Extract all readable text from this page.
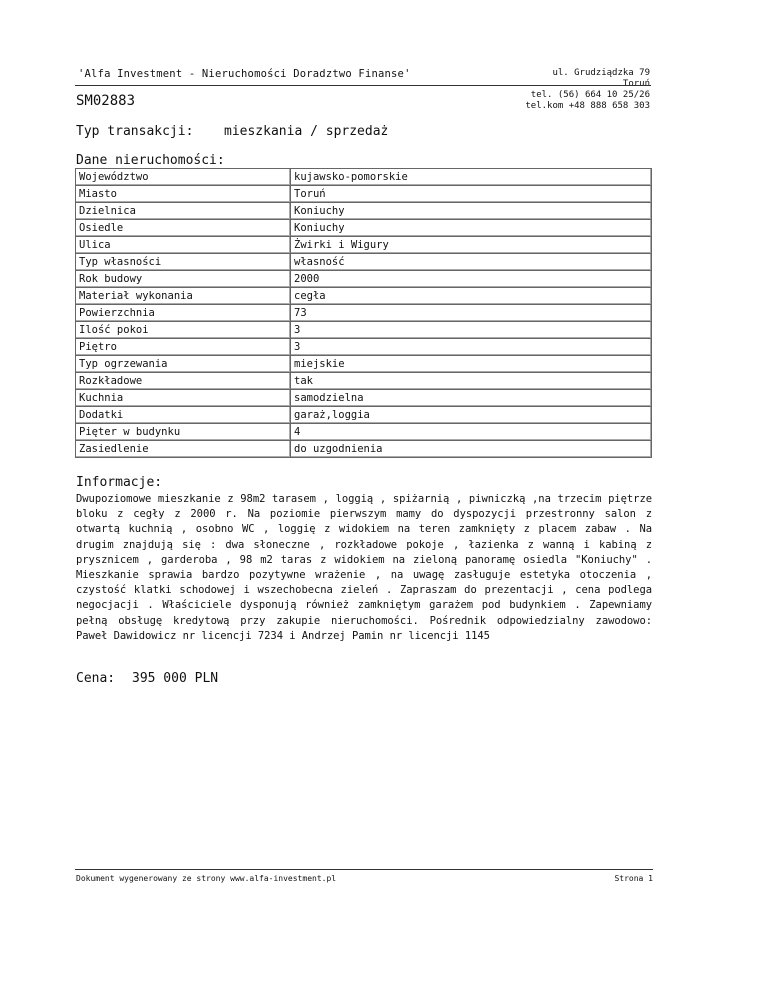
'Alfa Investment - Nieruchomości Doradztwo Finanse'	ul. Grudziądzka 79
Toruń
tel. (56) 664 10 25/26
tel.kom +48 888 658 303
SM02883
Typ transakcji: mieszkania / sprzedaż
Dane nieruchomości:
Województwo	kujawsko-pomorskie
Miasto	Toruń
Dzielnica	Koniuchy
Osiedle	Koniuchy
Ulica	Żwirki i Wigury
Typ własności	własność
Rok budowy	2000
Materiał wykonania	cegła
Powierzchnia	73
Ilość pokoi	3
Piętro	3
Typ ogrzewania	miejskie
Rozkładowe	tak
Kuchnia	samodzielna
Dodatki	garaż,loggia
Pięter w budynku	4
Zasiedlenie	do uzgodnienia
Informacje:
Dwupoziomowe mieszkanie z 98m2 tarasem , loggią , spiżarnią , piwniczką ,na trzecim piętrze bloku z cegły z 2000 r. Na poziomie pierwszym mamy do dyspozycji przestronny salon z otwartą kuchnią , osobno WC , loggię z widokiem na teren zamknięty z placem zabaw . Na drugim znajdują się : dwa słoneczne , rozkładowe pokoje , łazienka z wanną i kabiną z prysznicem , garderoba , 98 m2 taras z widokiem na zieloną panoramę osiedla "Koniuchy" . Mieszkanie sprawia bardzo pozytywne wrażenie , na uwagę zasługuje estetyka otoczenia , czystość klatki schodowej i wszechobecna zieleń . Zapraszam do prezentacji , cena podlega negocjacji . Właściciele dysponują również zamkniętym garażem pod budynkiem . Zapewniamy pełną obsługę kredytową przy zakupie nieruchomości. Pośrednik odpowiedzialny zawodowo: Paweł Dawidowicz nr licencji 7234 i Andrzej Pamin nr licencji 1145
Cena: 395 000 PLN
Dokument wygenerowany ze strony www.alfa-investment.pl	Strona 1
